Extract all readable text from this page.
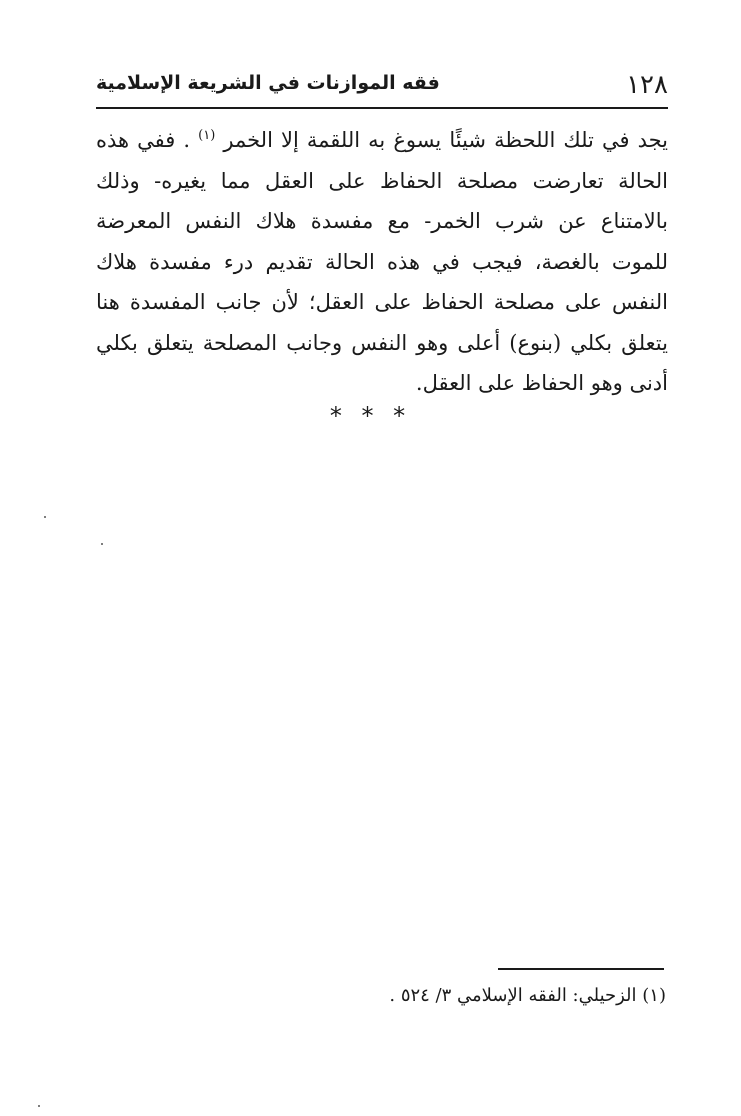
١٢٨
فقه الموازنات في الشريعة الإسلامية

يجد في تلك اللحظة شيئًا يسوغ به اللقمة إلا الخمر $^{(١)}$ . ففي هذه الحالة تعارضت مصلحة الحفاظ على العقل مما يغيره- وذلك بالامتناع عن شرب الخمر- مع مفسدة هلاك النفس المعرضة للموت بالغصة، فيجب في هذه الحالة تقديم درء مفسدة هلاك النفس على مصلحة الحفاظ على العقل؛ لأن جانب المفسدة هنا يتعلق بكلي (بنوع) أعلى وهو النفس وجانب المصلحة يتعلق بكلي أدنى وهو الحفاظ على العقل.

* * *
(١) الزحيلي: الفقه الإسلامي ٣/ ٥٢٤ .
